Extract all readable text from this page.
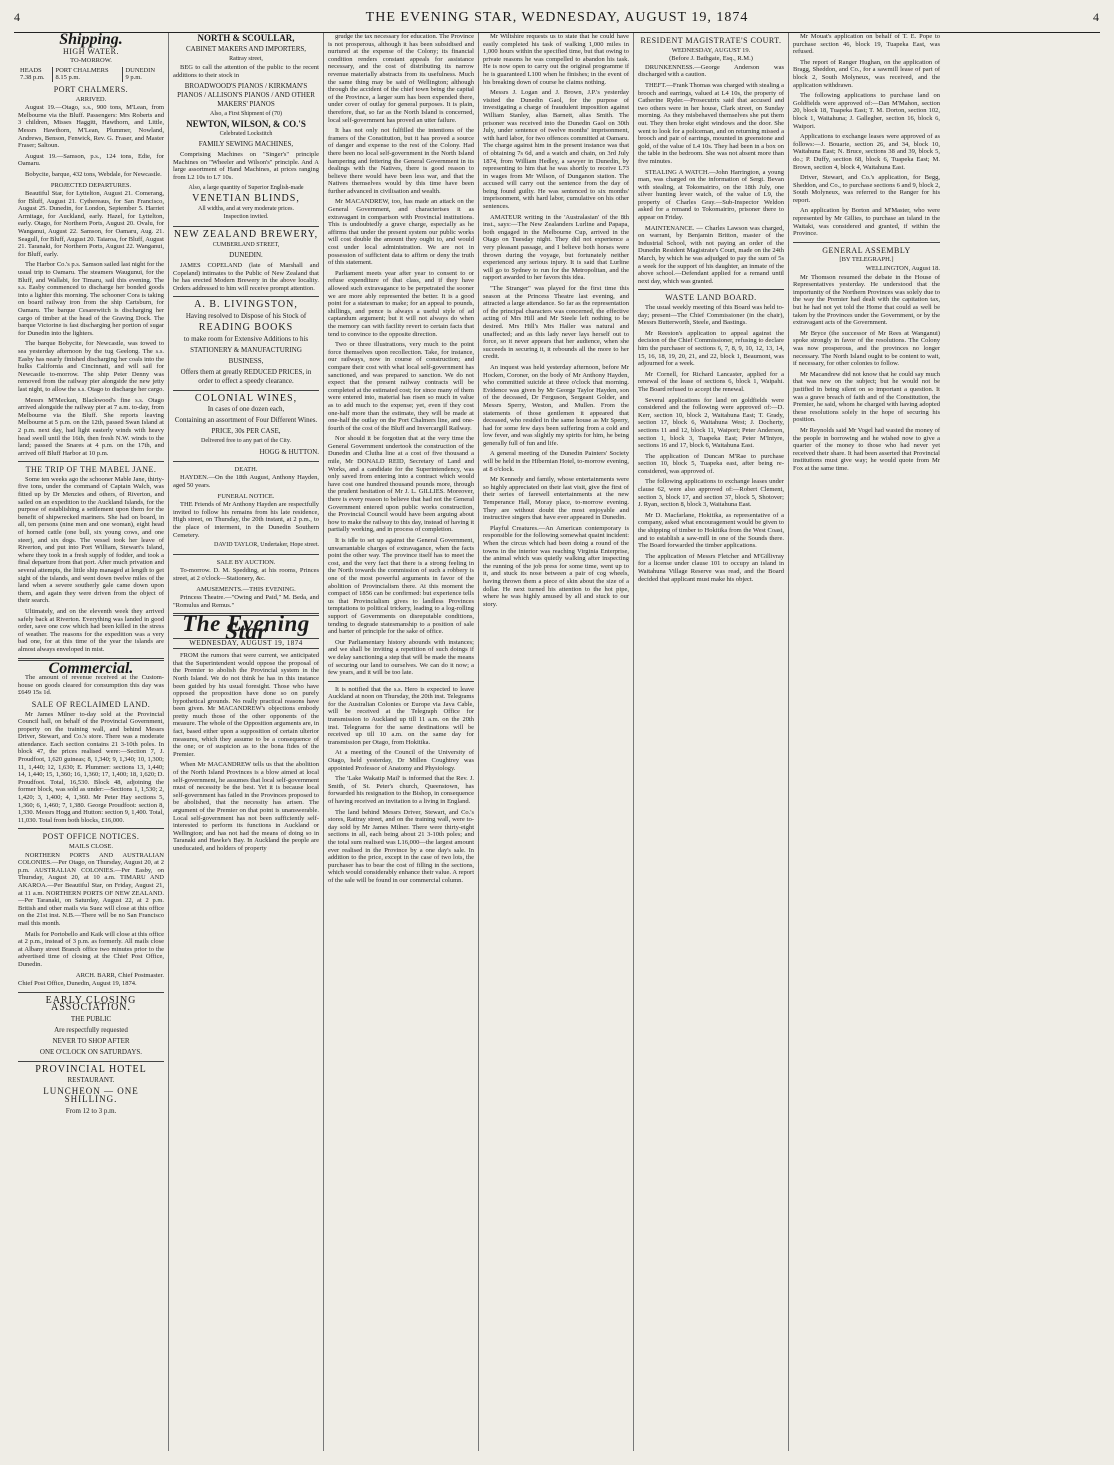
4	THE EVENING STAR, WEDNESDAY, AUGUST 19, 1874	4
Shipping.
HIGH WATER.
TO-MORROW.
HEADS
7.38 p.m.	PORT CHALMERS
8.15 p.m.	DUNEDIN
9 p.m.
PORT CHALMERS.
ARRIVED.

August 19.—Otago, s.s., 900 tons, M'Lean, from Melbourne via the Bluff. Passengers: Mrs Roberts and 3 children, Misses Haggitt, Hawthorn, and Little, Messrs Hawthorn, M'Lean, Plummer, Nowland, Andrews, Benson, Fenwick, Rev. G. Fraser, and Master Fraser; Saltoun.

August 19.—Samson, p.s., 124 tons, Edie, for Oamaru.

Bobycite, barque, 432 tons, Webdale, for Newcastle.

PROJECTED DEPARTURES.

Beautiful Star, for Lyttelton, August 21. Comerang, for Bluff, August 21. Cythereaus, for San Francisco, August 25. Dunedin, for London, September 5. Harriet Armitage, for Auckland, early. Hazel, for Lyttelton, early. Otago, for Northern Ports, August 20. Ovalu, for Wanganui, August 22. Samson, for Oamaru, Aug. 21. Seagull, for Bluff, August 20. Taiaroa, for Bluff, August 21. Taranaki, for Northern Ports, August 22. Wanganui, for Bluff, early.

The Harbor Co.'s p.s. Samson sailed last night for the usual trip to Oamaru. The steamers Waugunui, for the Bluff, and Wallabi, for Timaru, sail this evening. The s.s. Easby commenced to discharge her bonded goods into a lighter this morning. The schooner Cora is taking on board railway iron from the ship Cartsburn, for Oamaru. The barque Cesarewitch is discharging her cargo of timber at the head of the Graving Dock. The barque Victorine is fast discharging her portion of sugar for Dunedin into the lighters.

The barque Bobycite, for Newcastle, was towed to sea yesterday afternoon by the tug Geelong. The s.s. Easby has nearly finished discharging her coals into the hulks California and Cincinnati, and will sail for Newcastle to-morrow. The ship Peter Denny was removed from the railway pier alongside the new jetty last night, to allow the s.s. Otago to discharge her cargo.

Messrs M'Meckan, Blackwood's fine s.s. Otago arrived alongside the railway pier at 7 a.m. to-day, from Melbourne via the Bluff. She reports leaving Melbourne at 5 p.m. on the 12th, passed Swan Island at 2 p.m. next day, had light easterly winds with heavy head swell until the 16th, then fresh N.W. winds to the land; passed the Snares at 4 p.m. on the 17th, and arrived off Bluff Harbor at 10 p.m.

THE TRIP OF THE MABEL JANE.

Some ten weeks ago the schooner Mable Jane, thirty-five tons, under the command of Captain Walch, was fitted up by Dr Menzies and others, of Riverton, and sailed on an expedition to the Auckland Islands, for the purpose of establishing a settlement upon them for the benefit of shipwrecked mariners. She had on board, in all, ten persons (nine men and one woman), eight head of horned cattle (one bull, six young cows, and one steer), and six dogs. The vessel took her leave of Riverton, and put into Port William, Stewart's Island, where they took in a fresh supply of fodder, and took a final departure from that port. After much privation and several attempts, the little ship managed at length to get sight of the islands, and went down twelve miles of the land when a severe southerly gale came down upon them, and again they were driven from the object of their search.

Ultimately, and on the eleventh week they arrived safely back at Riverton. Everything was landed in good order, save one cow which had been killed in the stress of weather. The reasons for the expedition was a very bad one, for at this time of the year the islands are almost always enveloped in mist.

Commercial.

The amount of revenue received at the Custom-house on goods cleared for consumption this day was £649 15s 1d.

SALE OF RECLAIMED LAND.

Mr James Milner to-day sold at the Provincial Council hall, on behalf of the Provincial Government, property on the training wall, and behind Messrs Driver, Stewart, and Co.'s store. There was a moderate attendance. Each section contains 21 3-10th poles. In block 47, the prices realised were:—Section 7, J. Proudfoot, 1,620 guineas; 8, 1,340; 9, 1,340; 10, 1,300; 11, 1,440; 12, 1,630; E. Plummer: sections 13, 1,440; 14, 1,440; 15, 1,360; 16, 1,360; 17, 1,400; 18, 1,620; D. Proudfoot. Total, 16,530. Block 48, adjoining the former block, was sold as under:—Sections 1, 1,530; 2, 1,420; 3, 1,400; 4, 1,360. Mr Peter Hay sections 5, 1,360; 6, 1,460; 7, 1,380. George Proudfoot: section 8, 1,330. Messrs Hogg and Hutton: section 9, 1,400. Total, 11,030. Total from both blocks, £16,000.

POST OFFICE NOTICES.
MAILS CLOSE.

NORTHERN PORTS AND AUSTRALIAN COLONIES.—Per Otago, on Thursday, August 20, at 2 p.m. AUSTRALIAN COLONIES.—Per Easby, on Thursday, August 20, at 10 a.m. TIMARU AND AKAROA.—Per Beautiful Star, on Friday, August 21, at 11 a.m. NORTHERN PORTS OF NEW ZEALAND.—Per Taranaki, on Saturday, August 22, at 2 p.m. British and other mails via Suez will close at this office on the 21st inst. N.B.—There will be no San Francisco mail this month.

Mails for Portobello and Kaik will close at this office at 2 p.m., instead of 3 p.m. as formerly. All mails close at Albany street Branch office two minutes prior to the advertised time of closing at the Chief Post Office, Dunedin.

ARCH. BARR, Chief Postmaster.
Chief Post Office, Dunedin, August 19, 1874.
EARLY CLOSING ASSOCIATION.
THE PUBLIC
Are respectfully requested
NEVER TO SHOP AFTER
ONE O'CLOCK ON SATURDAYS.
PROVINCIAL HOTEL
RESTAURANT.
LUNCHEON — ONE SHILLING.
From 12 to 3 p.m.
NORTH & SCOULLAR,
CABINET MAKERS AND IMPORTERS,
Rattray street,

BEG to call the attention of the public to the recent additions to their stock in

BROADWOOD'S PIANOS / KIRKMAN'S PIANOS / ALLISON'S PIANOS / AND OTHER MAKERS' PIANOS
Also, a First Shipment of (70)
NEWTON, WILSON, & CO.'S
Celebrated Lockstitch
FAMILY SEWING MACHINES,

Comprising Machines on "Singer's" principle Machines on "Wheeler and Wilson's" principle. And A large assortment of Hand Machines, at prices ranging from L2 10s to L7 10s.

Also, a large quantity of Superior English-made
VENETIAN BLINDS,
All widths, and at very moderate prices.
Inspection invited.
NEW ZEALAND BREWERY,
CUMBERLAND STREET,
DUNEDIN.

JAMES COPELAND (late of Marshall and Copeland) intimates to the Public of New Zealand that he has erected Modern Brewery in the above locality. Orders addressed to him will receive prompt attention.

A. B. LIVINGSTON,
Having resolved to Dispose of his Stock of
READING BOOKS
to make room for Extensive Additions to his
STATIONERY & MANUFACTURING
BUSINESS,
Offers them at greatly REDUCED PRICES, in order to effect a speedy clearance.
COLONIAL WINES,
In cases of one dozen each,
Containing an assortment of Four Different Wines.
PRICE, 30s PER CASE,
Delivered free to any part of the City.
HOGG & HUTTON.
DEATH.

HAYDEN.—On the 18th August, Anthony Hayden, aged 50 years.

FUNERAL NOTICE.

THE Friends of Mr Anthony Hayden are respectfully invited to follow his remains from his late residence, High street, on Thursday, the 20th instant, at 2 p.m., to the place of interment, in the Dunedin Southern Cemetery.

DAVID TAYLOR, Undertaker, Hope street.
SALE BY AUCTION.

To-morrow. D. M. Spedding, at his rooms, Princes street, at 2 o'clock—Stationery, &c.

AMUSEMENTS.—THIS EVENING.

Princess Theatre.—"Owing and Paid," M. Beda, and "Romulus and Remus."

The Evening Star
WEDNESDAY, AUGUST 19, 1874

FROM the rumors that were current, we anticipated that the Superintendent would oppose the proposal of the Premier to abolish the Provincial system in the North Island. We do not think he has in this instance been guided by his usual foresight. Those who have opposed the proposition have done so on purely hypothetical grounds. No really practical reasons have been given. Mr MACANDREW's objections embody pretty much those of the other opponents of the measure. The whole of the Opposition arguments are, in fact, based either upon a supposition of certain ulterior measures, which they assume to be a consequence of the one; or of suspicion as to the bona fides of the Premier.

When Mr MACANDREW tells us that the abolition of the North Island Provinces is a blow aimed at local self-government, he assumes that local self-government must of necessity be the best. Yet it is because local self-government has failed in the Provinces proposed to be abolished, that the necessity has arisen. The argument of the Premier on that point is unanswerable. Local self-government has not been sufficiently self-interested to perform its functions in Auckland or Wellington; and has not had the means of doing so in Taranaki and Hawke's Bay. In Auckland the people are uneducated, and holders of property

grudge the tax necessary for education. The Province is not prosperous, although it has been subsidised and nurtured at the expense of the Colony; its financial condition renders constant appeals for assistance necessary, and the cost of distributing its narrow revenue materially abstracts from its usefulness. Much the same thing may be said of Wellington; although through the accident of the chief town being the capital of the Province, a larger sum has been expended there, under cover of outlay for general purposes. It is plain, therefore, that, so far as the North Island is concerned, local self-government has proved an utter failure.

It has not only not fulfilled the intentions of the framers of the Constitution, but it has proved a source of danger and expense to the rest of the Colony. Had there been no local self-government in the North Island hampering and fettering the General Government in its dealings with the Natives, there is good reason to believe there would have been less war, and that the Natives themselves would by this time have been further advanced in civilisation and wealth.

Mr MACANDREW, too, has made an attack on the General Government, and characterises it as extravagant in comparison with Provincial institutions. This is undoubtedly a grave charge, especially as he affirms that under the present system our public works will cost double the amount they ought to, and would cost under local administration. We are not in possession of sufficient data to affirm or deny the truth of this statement.

Parliament meets year after year to consent to or refuse expenditure of that class, and if they have allowed such extravagance to be perpetrated the sooner we are more ably represented the better. It is a good point for a statesman to make; for an appeal to pounds, shillings, and pence is always a useful style of ad captandum argument; but it will not always do when the memory can with facility revert to certain facts that tend to convince to the opposite direction.

Two or three illustrations, very much to the point force themselves upon recollection. Take, for instance, our railways, now in course of construction; and compare their cost with what local self-government has sanctioned, and was prepared to sanction. We do not expect that the present railway contracts will be completed at the estimated cost; for since many of them were entered into, material has risen so much in value as to add much to the expense; yet, even if they cost one-half more than the estimate, they will be made at one-half the outlay on the Port Chalmers line, and one-fourth of the cost of the Bluff and Invercargill Railway.

Nor should it be forgotten that at the very time the General Government undertook the construction of the Dunedin and Clutha line at a cost of five thousand a mile, Mr DONALD REID, Secretary of Land and Works, and a candidate for the Superintendency, was only saved from entering into a contract which would have cost one hundred thousand pounds more, through the prudent hesitation of Mr J. L. GILLIES. Moreover, there is every reason to believe that had not the General Government entered upon public works construction, the Provincial Council would have been arguing about how to make the railway to this day, instead of having it partially working, and in process of completion.

It is idle to set up against the General Government, unwarrantable charges of extravagance, when the facts point the other way. The province itself has to meet the cost, and the very fact that there is a strong feeling in the North towards the commission of such a robbery is one of the most powerful arguments in favor of the abolition of Provincialism there. At this moment the compact of 1856 can be confirmed: but experience tells us that Provincialism gives to landless Provinces temptations to political trickery, leading to a log-rolling support of Governments on disreputable conditions, tending to degrade statesmanship to a position of sale and barter of principle for the sake of office.

Our Parliamentary history abounds with instances; and we shall be inviting a repetition of such doings if we delay sanctioning a step that will be made the means of securing our land to ourselves. We can do it now; a few years, and it will be too late.

It is notified that the s.s. Hero is expected to leave Auckland at noon on Thursday, the 20th inst. Telegrams for the Australian Colonies or Europe via Java Cable, will be received at the Telegraph Office for transmission to Auckland up till 11 a.m. on the 20th inst. Telegrams for the same destinations will be received up till 10 a.m. on the same day for transmission per Otago, from Hokitika.

At a meeting of the Council of the University of Otago, held yesterday, Dr Millen Coughtrey was appointed Professor of Anatomy and Physiology.

The 'Lake Wakatip Mail' is informed that the Rev. J. Smith, of St. Peter's church, Queenstown, has forwarded his resignation to the Bishop, in consequence of having received an invitation to a living in England.

The land behind Messrs Driver, Stewart, and Co.'s stores, Rattray street, and on the training wall, were to-day sold by Mr James Milner. There were thirty-eight sections in all, each being about 21 3-10th poles; and the total sum realised was L16,000—the largest amount ever realised in the Province by a one day's sale. In addition to the price, except in the case of two lots, the purchaser has to bear the cost of filling in the sections, which would considerably enhance their value. A report of the sale will be found in our commercial column.

Mr Wiltshire requests us to state that he could have easily completed his task of walking 1,000 miles in 1,000 hours within the specified time, but that owing to private reasons he was compelled to abandon his task. He is now open to carry out the original programme if he is guaranteed L100 when he finishes; in the event of his breaking down of course he claims nothing.

Messrs J. Logan and J. Brown, J.P.'s yesterday visited the Dunedin Gaol, for the purpose of investigating a charge of fraudulent imposition against William Stanley, alias Barnett, alias Smith. The prisoner was received into the Dunedin Gaol on 30th July, under sentence of twelve months' imprisonment, with hard labor, for two offences committed at Oamaru. The charge against him in the present instance was that of obtaining 7s 6d, and a watch and chain, on 3rd July 1874, from William Hedley, a sawyer in Dunedin, by representing to him that he was shortly to receive L73 in wages from Mr Wilson, of Dunganon station. The accused will carry out the sentence from the day of being found guilty. He was sentenced to six months' imprisonment, with hard labor, cumulative on his other sentences.

AMATEUR writing in the 'Australasian' of the 8th inst., says:—The New Zealanders Lurline and Papapa, both engaged in the Melbourne Cup, arrived in the Otago on Tuesday night. They did not experience a very pleasant passage, and I believe both horses were thrown during the voyage, but fortunately neither experienced any serious injury. It is said that Lurline will go to Sydney to run for the Metropolitan, and the rapport awarded to her favors this idea.

"The Stranger" was played for the first time this season at the Princess Theatre last evening, and attracted a large attendance. So far as the representation of the principal characters was concerned, the effective acting of Mrs Hill and Mr Steele left nothing to be desired. Mrs Hill's Mrs Haller was natural and unaffected; and as this lady never lays herself out to force, so it never appears that her audience, when she succeeds in securing it, it rebounds all the more to her credit.

An inquest was held yesterday afternoon, before Mr Hocken, Coroner, on the body of Mr Anthony Hayden, who committed suicide at three o'clock that morning. Evidence was given by Mr George Taylor Hayden, son of the deceased, Dr Ferguson, Sergeant Golder, and Messrs Sperry, Weston, and Mullen. From the statements of those gentlemen it appeared that deceased, who resided in the same house as Mr Sperry, had for some few days been suffering from a cold and low fever, and was slightly my spirits for him, he being generally full of fun and life.

A general meeting of the Dunedin Painters' Society will be held in the Hibernian Hotel, to-morrow evening, at 8 o'clock.

Mr Kennedy and family, whose entertainments were so highly appreciated on their last visit, give the first of their series of farewell entertainments at the new Temperance Hall, Moray place, to-morrow evening. They are without doubt the most enjoyable and instructive singers that have ever appeared in Dunedin.

Playful Creatures.—An American contemporary is responsible for the following somewhat quaint incident: When the circus which had been doing a round of the towns in the interior was reaching Virginia Enterprise, the animal which was quietly walking after inspecting the running of the job press for some time, went up to it, and stuck its nose between a pair of cog wheels, having thrown them a piece of skin about the size of a dollar. He next turned his attention to the hot pipe, where he was highly amused by all and stuck to our story.

RESIDENT MAGISTRATE'S COURT.
WEDNESDAY, AUGUST 19.
(Before J. Bathgate, Esq., R.M.)

DRUNKENNESS.—George Anderson was discharged with a caution.

THEFT.—Frank Thomas was charged with stealing a brooch and earrings, valued at L4 10s, the property of Catherine Ryder.—Prosecutrix said that accused and two others were in her house, Clark street, on Sunday morning. As they misbehaved themselves she put them out. They then broke eight windows and the door. She went to look for a policeman, and on returning missed a brooch and pair of earrings, mounted in greenstone and gold, of the value of L4 10s. They had been in a box on the table in the bedroom. She was not absent more than five minutes.

STEALING A WATCH.—John Harrington, a young man, was charged on the information of Sergt. Bevan with stealing, at Tokomairiro, on the 18th July, one silver hunting lever watch, of the value of L9, the property of Charles Gray.—Sub-Inspector Weldon asked for a remand to Tokomairiro, prisoner there to appear on Friday.

MAINTENANCE. — Charles Lawson was charged, on warrant, by Benjamin Britton, master of the Industrial School, with not paying an order of the Dunedin Resident Magistrate's Court, made on the 24th March, by which he was adjudged to pay the sum of 5s a week for the support of his daughter, an inmate of the above school.—Defendant applied for a remand until next day, which was granted.

WASTE LAND BOARD.

The usual weekly meeting of this Board was held to-day; present—The Chief Commissioner (in the chair), Messrs Butterworth, Steele, and Bastings.

Mr Reeston's application to appeal against the decision of the Chief Commissioner, refusing to declare him the purchaser of sections 6, 7, 8, 9, 10, 12, 13, 14, 15, 16, 18, 19, 20, 21, and 22, block 1, Beaumont, was adjourned for a week.

Mr Cornell, for Richard Lancaster, applied for a renewal of the lease of sections 6, block 1, Waipahi. The Board refused to accept the renewal.

Several applications for land on goldfields were considered and the following were approved of:—D. Kerr, section 10, block 2, Waitahuna East; T. Grady, section 17, block 6, Waitahuna West; J. Docherty, sections 11 and 12, block 11, Waipori; Peter Anderson, section 1, block 3, Tuapeka East; Peter M'Intyre, sections 16 and 17, block 6, Waitahuna East.

The application of Duncan M'Rae to purchase section 10, block 5, Tuapeka east, after being re-considered, was approved of.

The following applications to exchange leases under clause 62, were also approved of:—Robert Clement, section 3, block 17, and section 37, block 5, Shotover; J. Ryan, section 8, block 3, Waitahuna East.

Mr D. Macfarlane, Hokitika, as representative of a company, asked what encouragement would be given to the shipping of timber to Hokitika from the West Coast, and to establish a saw-mill in one of the Sounds there. The Board forwarded the timber applications.

The application of Messrs Fletcher and M'Gillivray for a license under clause 101 to occupy an island in Waitahuna Village Reserve was read, and the Board decided that applicant must make his object.

Mr Mouat's application on behalf of T. E. Pope to purchase section 46, block 19, Tuapeka East, was refused.

The report of Ranger Hughan, on the application of Bragg, Sheddon, and Co., for a sawmill lease of part of block 2, South Molyneux, was received, and the application withdrawn.

The following applications to purchase land on Goldfields were approved of:—Dan M'Mahon, section 20, block 18, Tuapeka East; T. M. Dorton, section 102, block 1, Waitahuna; J. Gallegher, section 16, block 6, Waipori.

Applications to exchange leases were approved of as follows:—J. Bouarie, section 26, and 34, block 10, Waitahuna East; N. Bruce, sections 38 and 39, block 5, do.; P. Duffy, section 68, block 6, Tuapeka East; M. Brown, section 4, block 4, Waitahuna East.

Driver, Stewart, and Co.'s application, for Begg, Sheddon, and Co., to purchase sections 6 and 9, block 2, South Molyneux, was referred to the Ranger for his report.

An application by Borton and M'Master, who were represented by Mr Gillies, to purchase an island in the Waitaki, was considered and granted, if within the Province.

GENERAL ASSEMBLY
[BY TELEGRAPH.]
WELLINGTON, August 18.

Mr Thomson resumed the debate in the House of Representatives yesterday. He understood that the importunity of the Northern Provinces was solely due to the way the Premier had dealt with the capitation tax, but he had not yet told the Home that could as well be taken by the Provinces under the Government, or by the extravagant acts of the Government.

Mr Bryce (the successor of Mr Rees at Wanganui) spoke strongly in favor of the resolutions. The Colony was now prosperous, and the provinces no longer necessary. The North Island ought to be content to wait, if necessary, for other colonies to follow.

Mr Macandrew did not know that he could say much that was new on the subject; but he would not be justified in being silent on so important a question. It was a grave breach of faith and of the Constitution, the Premier, he said, whom he charged with having adopted these resolutions solely in the hope of securing his position.

Mr Reynolds said Mr Vogel had wasted the money of the people in borrowing and he wished now to give a quarter of the money to those who had never yet received their share. It had been asserted that Provincial institutions must give way; he would quote from Mr Fox at the same time.
